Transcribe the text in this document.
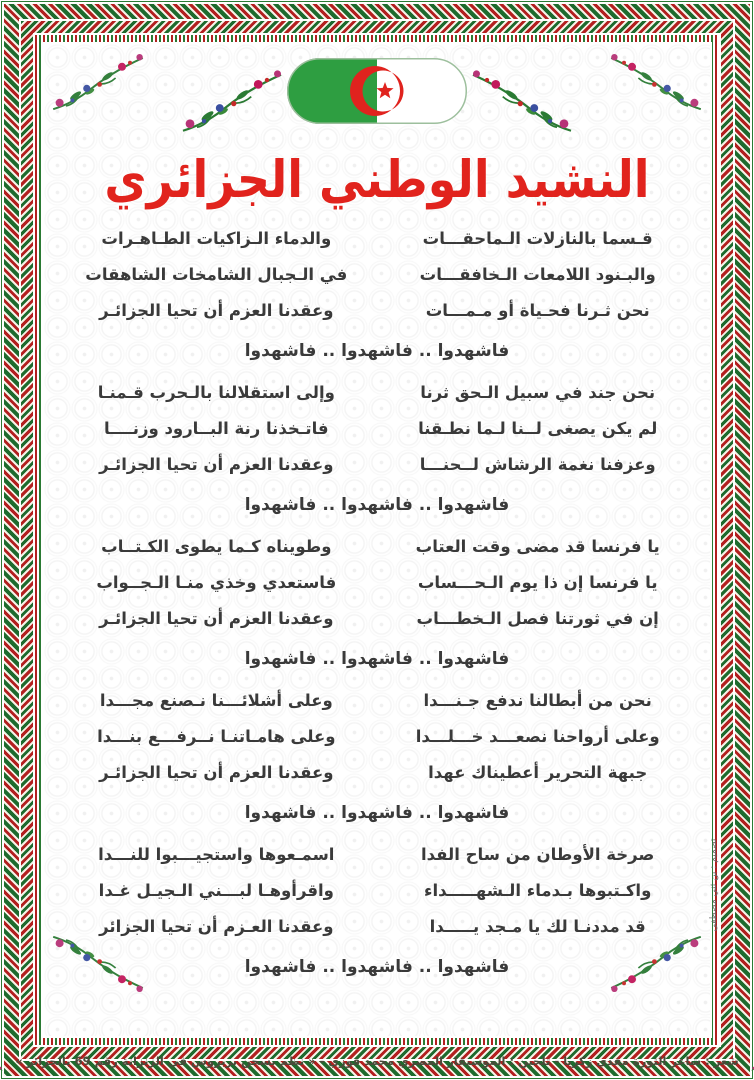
النشيد الوطني الجزائري
قـسما بالنازلات الـماحقـــات
والبـنود اللامعات الـخافقـــات
نحن ثـرنا فحـياة أو مـمـــات
والدماء الـزاكيات الطـاهـرات
في الـجبال الشامخات الشاهقات
وعقدنا العزم أن تحيا الجزائـر
فاشهدوا .. فاشهدوا .. فاشهدوا
نحن جند في سبيل الـحق ثرنا
لم يكن يصغى لــنا لـما نطـقنا
وعزفنا نغمة الرشاش لــحنـــا
وإلى استقلالنا بالـحرب قـمنـا
فاتـخذنا رنة البــارود وزنــــا
وعقدنا العزم أن تحيا الجزائـر
فاشهدوا .. فاشهدوا .. فاشهدوا
يا فرنسا قد مضى وقت العتاب
يا فرنسا إن ذا يوم الـحـــساب
إن في ثورتنا فصل الـخطـــاب
وطويناه كـما يطوى الكـتــاب
فاستعدي وخذي منـا الـجــواب
وعقدنا العزم أن تحيا الجزائـر
فاشهدوا .. فاشهدوا .. فاشهدوا
نحن من أبطالنا ندفع جـنـــدا
وعلى أرواحنا نصعـــد خـــلـــدا
جبهة التحرير أعطيناك عهدا
وعلى أشلائـــنا نـصنع مجـــدا
وعلى هامـاتنـا نــرفـــع بنـــدا
وعقدنا العزم أن تحيا الجزائـر
فاشهدوا .. فاشهدوا .. فاشهدوا
صرخة الأوطان من ساح الفدا
واكـتبوها بـدماء الـشهـــــداء
قد مددنـا لك يا مـجد يـــــدا
اسمـعوها واستجيـــبوا للنـــدا
واقرأوهـا لبـــني الـجيـل غـدا
وعقدنا العـزم أن تحيا الجزائر
فاشهدوا .. فاشهدوا .. فاشهدوا
شعر : شاعر الثورة مفدي زكريا - تلحين : الموسيقار المصري محمد فوزي - « نظم بسجن بربروس في الزنزانة رقم 69 بالجزائر »
تصميم : بن ثني مصطفى
